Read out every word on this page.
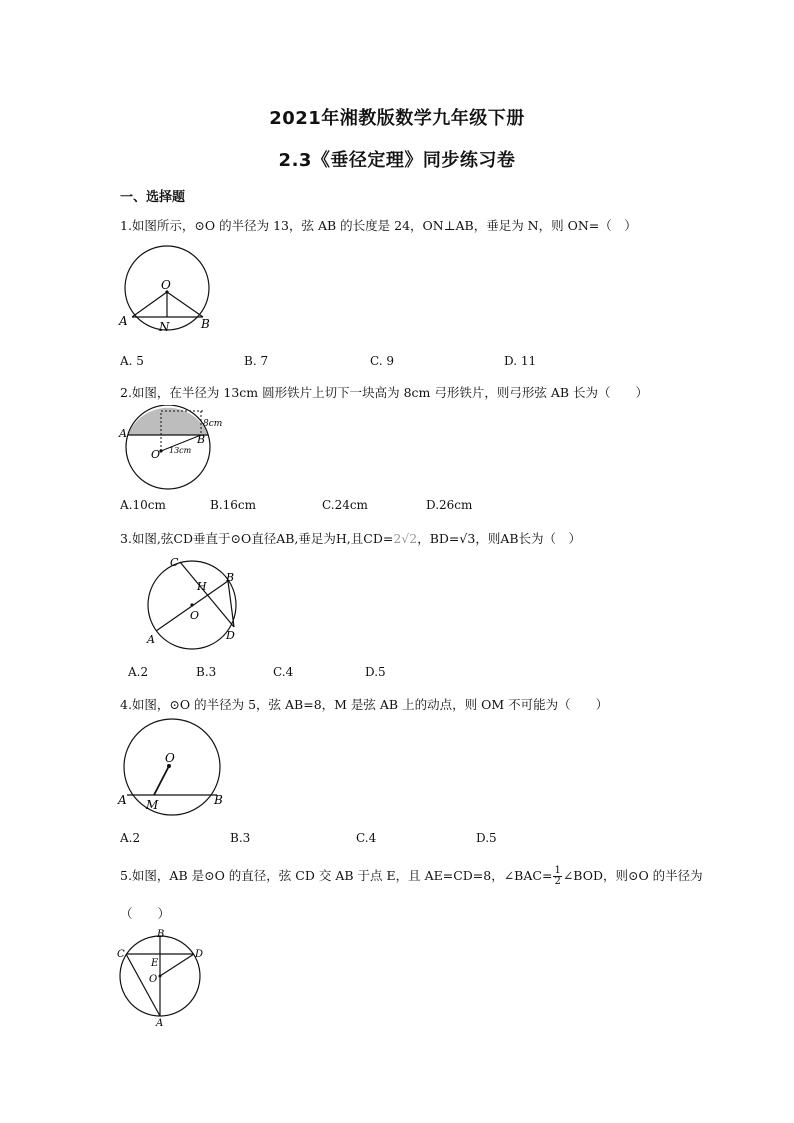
2021年湘教版数学九年级下册
2.3《垂径定理》同步练习卷
一、选择题
1.如图所示，⊙O 的半径为 13，弦 AB 的长度是 24，ON⊥AB，垂足为 N，则 ON=（　）
O
A	N	B
A. 5	B. 7	C. 9	D. 11
2.如图，在半径为 13cm 圆形铁片上切下一块高为 8cm 弓形铁片，则弓形弦 AB 长为（　　）
A	B
O
8cm
13cm
A.10cm	B.16cm	C.24cm	D.26cm
3.如图,弦CD垂直于⊙O直径AB,垂足为H,且CD=2√2，BD=√3，则AB长为（　）
C
B
H
O
A	D
A.2	B.3	C.4	D.5
4.如图，⊙O 的半径为 5，弦 AB=8，M 是弦 AB 上的动点，则 OM 不可能为（　　）
O
A M	B
A.2	B.3	C.4	D.5
5.如图，AB 是⊙O 的直径，弦 CD 交 AB 于点 E，且 AE=CD=8，∠BAC= $\frac{1}{2}$ ∠BOD，则⊙O 的半径为
（　　）
B
C	D
E
O
A
